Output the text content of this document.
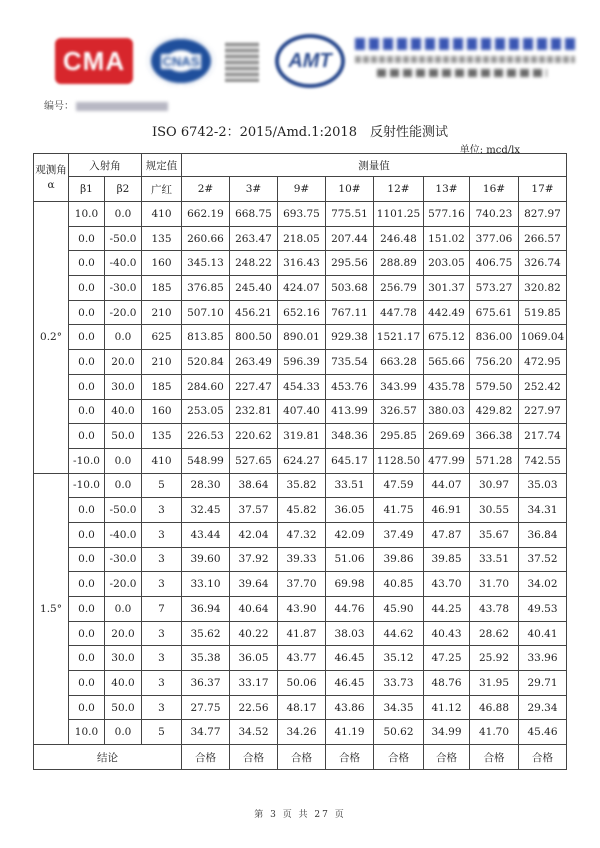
CMA	CNAS	AMT
编号：
ISO 6742-2：2015/Amd.1:2018　反射性能测试
单位: mcd/lx
观测角α	入射角		规定值	测量值							
	β1	β2	广红	2#	3#	9#	10#	12#	13#	16#	17#
0.2°	10.0	0.0	410	662.19	668.75	693.75	775.51	1101.25	577.16	740.23	827.97
	0.0	-50.0	135	260.66	263.47	218.05	207.44	246.48	151.02	377.06	266.57
	0.0	-40.0	160	345.13	248.22	316.43	295.56	288.89	203.05	406.75	326.74
	0.0	-30.0	185	376.85	245.40	424.07	503.68	256.79	301.37	573.27	320.82
	0.0	-20.0	210	507.10	456.21	652.16	767.11	447.78	442.49	675.61	519.85
	0.0	0.0	625	813.85	800.50	890.01	929.38	1521.17	675.12	836.00	1069.04
	0.0	20.0	210	520.84	263.49	596.39	735.54	663.28	565.66	756.20	472.95
	0.0	30.0	185	284.60	227.47	454.33	453.76	343.99	435.78	579.50	252.42
	0.0	40.0	160	253.05	232.81	407.40	413.99	326.57	380.03	429.82	227.97
	0.0	50.0	135	226.53	220.62	319.81	348.36	295.85	269.69	366.38	217.74
	-10.0	0.0	410	548.99	527.65	624.27	645.17	1128.50	477.99	571.28	742.55
1.5°	-10.0	0.0	5	28.30	38.64	35.82	33.51	47.59	44.07	30.97	35.03
	0.0	-50.0	3	32.45	37.57	45.82	36.05	41.75	46.91	30.55	34.31
	0.0	-40.0	3	43.44	42.04	47.32	42.09	37.49	47.87	35.67	36.84
	0.0	-30.0	3	39.60	37.92	39.33	51.06	39.86	39.85	33.51	37.52
	0.0	-20.0	3	33.10	39.64	37.70	69.98	40.85	43.70	31.70	34.02
	0.0	0.0	7	36.94	40.64	43.90	44.76	45.90	44.25	43.78	49.53
	0.0	20.0	3	35.62	40.22	41.87	38.03	44.62	40.43	28.62	40.41
	0.0	30.0	3	35.38	36.05	43.77	46.45	35.12	47.25	25.92	33.96
	0.0	40.0	3	36.37	33.17	50.06	46.45	33.73	48.76	31.95	29.71
	0.0	50.0	3	27.75	22.56	48.17	43.86	34.35	41.12	46.88	29.34
	10.0	0.0	5	34.77	34.52	34.26	41.19	50.62	34.99	41.70	45.46
结论				合格	合格	合格	合格	合格	合格	合格	合格
第 3 页 共 27 页
